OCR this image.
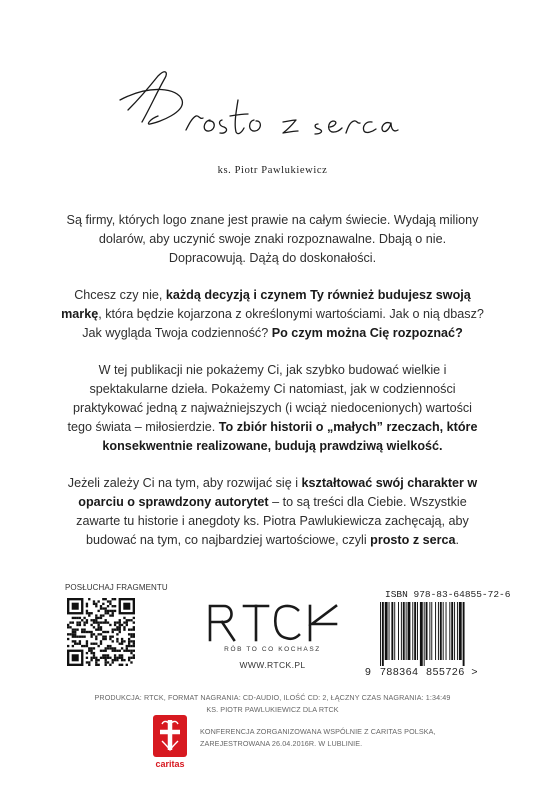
ks. Piotr Pawlukiewicz

Są firmy, których logo znane jest prawie na całym świecie. Wydają miliony dolarów, aby uczynić swoje znaki rozpoznawalne. Dbają o nie. Dopracowują. Dążą do doskonałości.

Chcesz czy nie, każdą decyzją i czynem Ty również budujesz swoją markę, która będzie kojarzona z określonymi wartościami. Jak o nią dbasz? Jak wygląda Twoja codzienność? Po czym można Cię rozpoznać?

W tej publikacji nie pokażemy Ci, jak szybko budować wielkie i spektakularne dzieła. Pokażemy Ci natomiast, jak w codzienności praktykować jedną z najważniejszych (i wciąż niedocenionych) wartości tego świata – miłosierdzie. To zbiór historii o „małych” rzeczach, które konsekwentnie realizowane, budują prawdziwą wielkość.

Jeżeli zależy Ci na tym, aby rozwijać się i kształtować swój charakter w oparciu o sprawdzony autorytet – to są treści dla Ciebie. Wszystkie zawarte tu historie i anegdoty ks. Piotra Pawlukiewicza zachęcają, aby budować na tym, co najbardziej wartościowe, czyli prosto z serca.

POSŁUCHAJ FRAGMENTU
RÓB TO CO KOCHASZ
WWW.RTCK.PL
ISBN 978-83-64855-72-6
9 788364 855726 >
PRODUKCJA: RTCK, FORMAT NAGRANIA: CD-AUDIO, ILOŚĆ CD: 2, ŁĄCZNY CZAS NAGRANIA: 1:34:49
KS. PIOTR PAWLUKIEWICZ DLA RTCK
caritas
KONFERENCJA ZORGANIZOWANA WSPÓLNIE Z CARITAS POLSKA,
ZAREJESTROWANA 26.04.2016R. W LUBLINIE.
